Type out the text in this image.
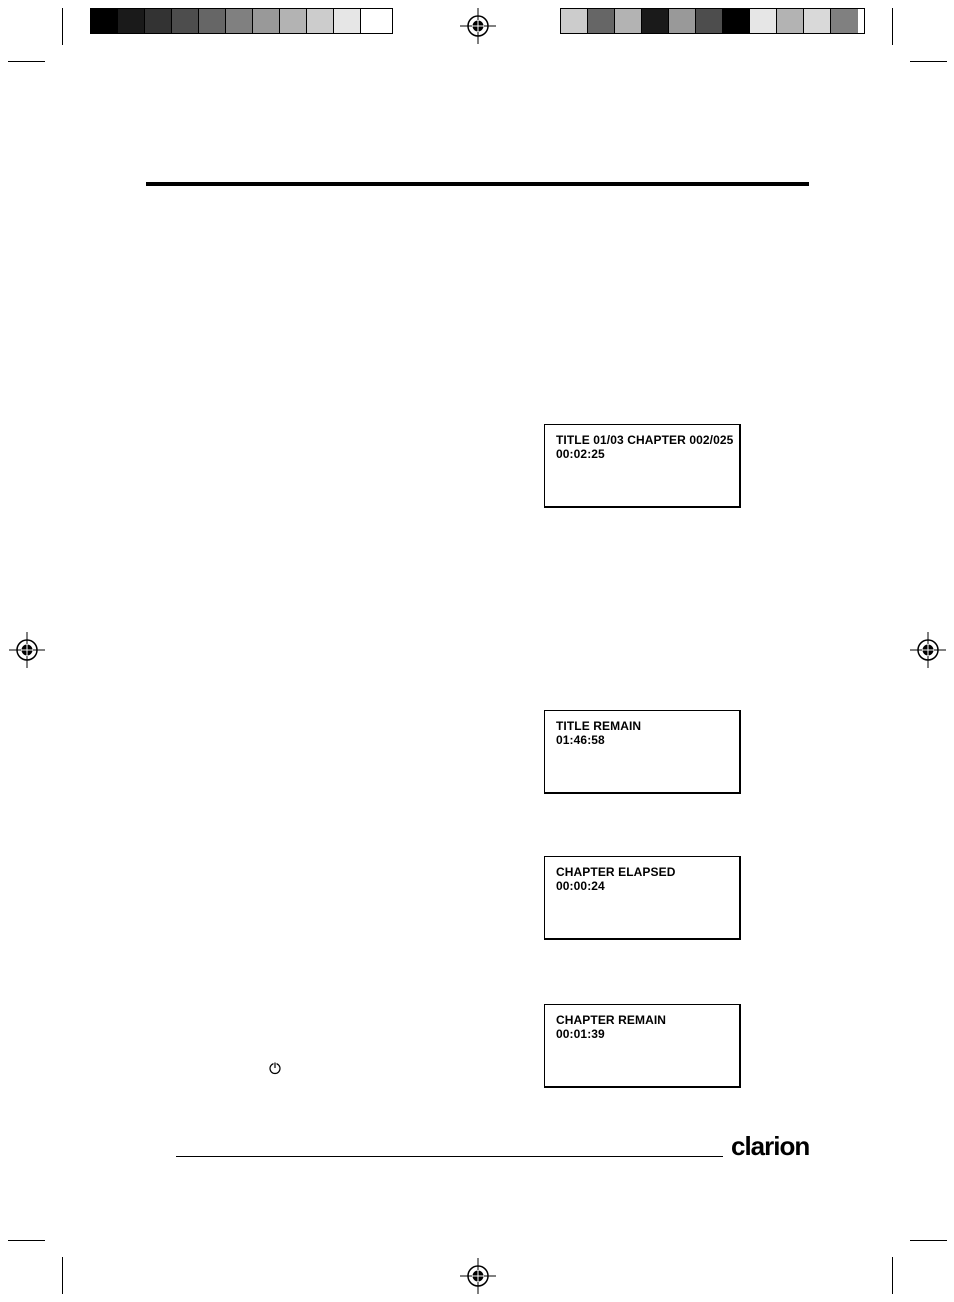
TITLE 01/03 CHAPTER 002/025
00:02:25
TITLE REMAIN
01:46:58
CHAPTER ELAPSED
00:00:24
CHAPTER REMAIN
00:01:39
clarion
